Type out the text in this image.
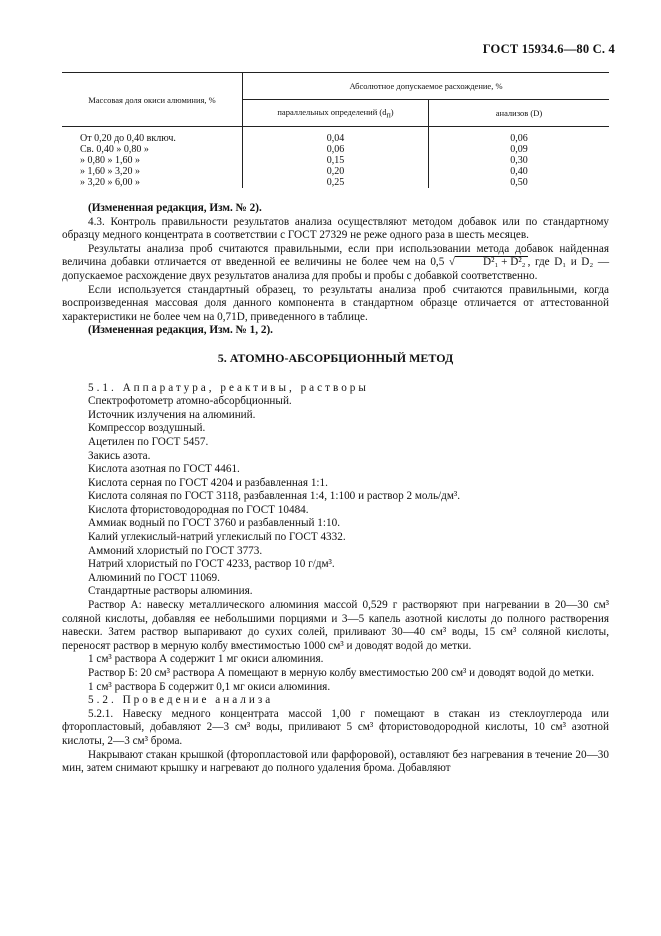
ГОСТ 15934.6—80 С. 4
Массовая доля окиси алюминия, %	Абсолютное допускаемое расхождение, %	
	параллельных определений $(d_п)$	анализов (D)

От 0,20 до 0,40 включ.	0,04	0,06
Св. 0,40 » 0,80 »	0,06	0,09
» 0,80 » 1,60 »	0,15	0,30
» 1,60 » 3,20 »	0,20	0,40
» 3,20 » 6,00 »	0,25	0,50

(Измененная редакция, Изм. № 2).

4.3. Контроль правильности результатов анализа осуществляют методом добавок или по стандартному образцу медного концентрата в соответствии с ГОСТ 27329 не реже одного раза в шесть месяцев.

Результаты анализа проб считаются правильными, если при использовании метода добавок найденная величина добавки отличается от введенной ее величины не более чем на 0,5 √	D²₁ + D²₂ , где D₁ и D₂ — допускаемое расхождение двух результатов анализа для пробы и пробы с добавкой соответственно.

Если используется стандартный образец, то результаты анализа проб считаются правильными, когда воспроизведенная массовая доля данного компонента в стандартном образце отличается от аттестованной характеристики не более чем на 0,71D, приведенного в таблице.

(Измененная редакция, Изм. № 1, 2).

5. АТОМНО-АБСОРБЦИОННЫЙ МЕТОД

5.1. Аппаратура, реактивы, растворы

Спектрофотометр атомно-абсорбционный.
Источник излучения на алюминий.
Компрессор воздушный.
Ацетилен по ГОСТ 5457.
Закись азота.
Кислота азотная по ГОСТ 4461.
Кислота серная по ГОСТ 4204 и разбавленная 1:1.
Кислота соляная по ГОСТ 3118, разбавленная 1:4, 1:100 и раствор 2 моль/дм³.
Кислота фтористоводородная по ГОСТ 10484.
Аммиак водный по ГОСТ 3760 и разбавленный 1:10.
Калий углекислый-натрий углекислый по ГОСТ 4332.
Аммоний хлористый по ГОСТ 3773.
Натрий хлористый по ГОСТ 4233, раствор 10 г/дм³.
Алюминий по ГОСТ 11069.
Стандартные растворы алюминия.

Раствор А: навеску металлического алюминия массой 0,529 г растворяют при нагревании в 20—30 см³ соляной кислоты, добавляя ее небольшими порциями и 3—5 капель азотной кислоты до полного растворения навески. Затем раствор выпаривают до сухих солей, приливают 30—40 см³ воды, 15 см³ соляной кислоты, переносят раствор в мерную колбу вместимостью 1000 см³ и доводят водой до метки.

1 см³ раствора А содержит 1 мг окиси алюминия.

Раствор Б: 20 см³ раствора А помещают в мерную колбу вместимостью 200 см³ и доводят водой до метки.

1 см³ раствора Б содержит 0,1 мг окиси алюминия.

5.2. Проведение анализа

5.2.1. Навеску медного концентрата массой 1,00 г помещают в стакан из стеклоуглерода или фторопластовый, добавляют 2—3 см³ воды, приливают 5 см³ фтористоводородной кислоты, 10 см³ азотной кислоты, 2—3 см³ брома.

Накрывают стакан крышкой (фторопластовой или фарфоровой), оставляют без нагревания в течение 20—30 мин, затем снимают крышку и нагревают до полного удаления брома. Добавляют
